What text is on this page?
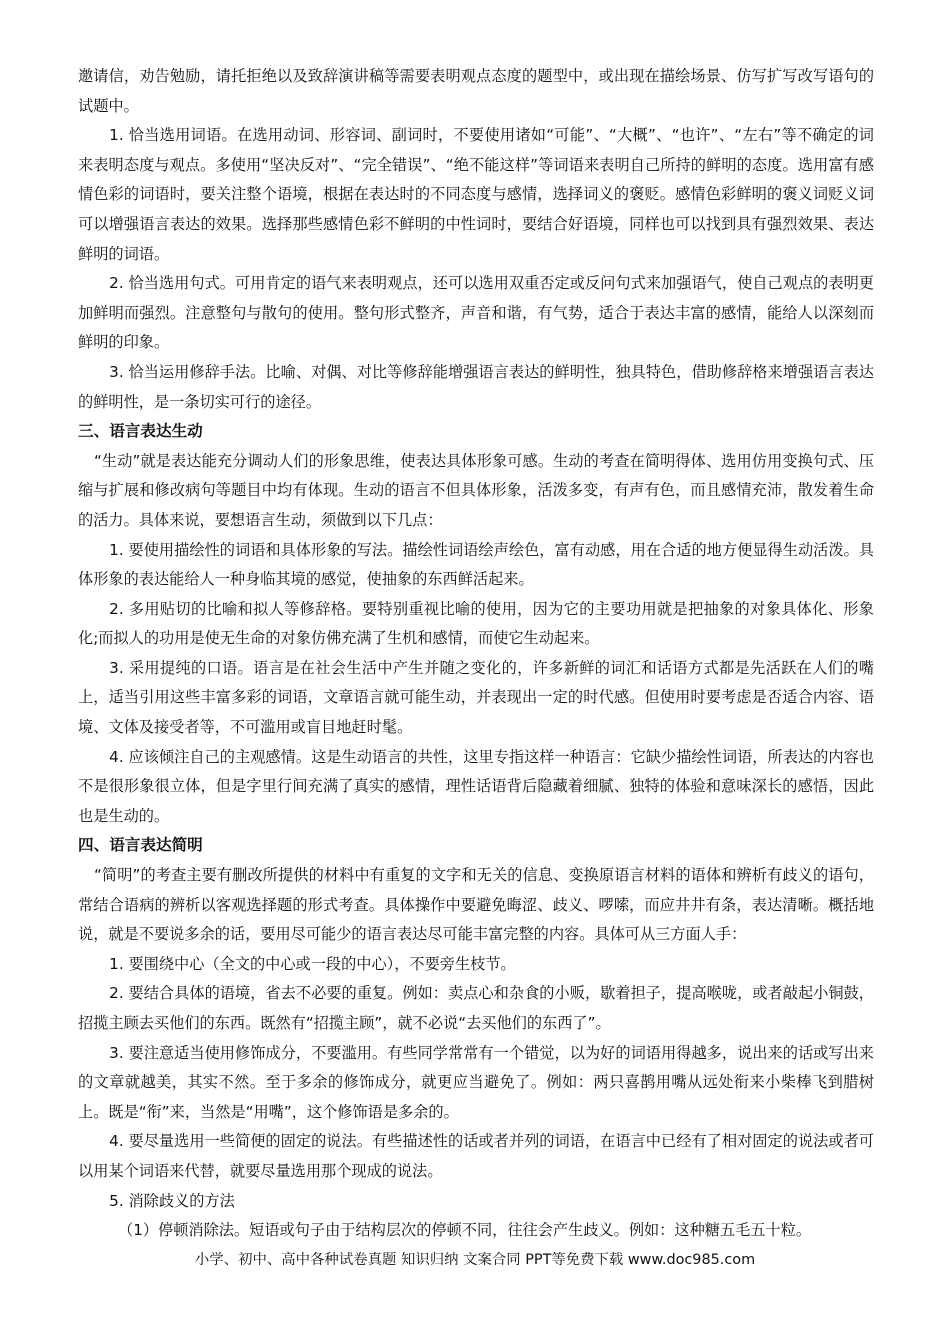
邀请信，劝告勉励，请托拒绝以及致辞演讲稿等需要表明观点态度的题型中，或出现在描绘场景、仿写扩写改写语句的试题中。

1. 恰当选用词语。在选用动词、形容词、副词时，不要使用诸如“可能”、“大概”、“也许”、“左右”等不确定的词来表明态度与观点。多使用“坚决反对”、“完全错误”、“绝不能这样”等词语来表明自己所持的鲜明的态度。选用富有感情色彩的词语时，要关注整个语境，根据在表达时的不同态度与感情，选择词义的褒贬。感情色彩鲜明的褒义词贬义词可以增强语言表达的效果。选择那些感情色彩不鲜明的中性词时，要结合好语境，同样也可以找到具有强烈效果、表达鲜明的词语。

2. 恰当选用句式。可用肯定的语气来表明观点，还可以选用双重否定或反问句式来加强语气，使自己观点的表明更加鲜明而强烈。注意整句与散句的使用。整句形式整齐，声音和谐，有气势，适合于表达丰富的感情，能给人以深刻而鲜明的印象。

3. 恰当运用修辞手法。比喻、对偶、对比等修辞能增强语言表达的鲜明性，独具特色，借助修辞格来增强语言表达的鲜明性，是一条切实可行的途径。

三、语言表达生动

“生动”就是表达能充分调动人们的形象思维，使表达具体形象可感。生动的考查在简明得体、选用仿用变换句式、压缩与扩展和修改病句等题目中均有体现。生动的语言不但具体形象，活泼多变，有声有色，而且感情充沛，散发着生命的活力。具体来说，要想语言生动，须做到以下几点：

1. 要使用描绘性的词语和具体形象的写法。描绘性词语绘声绘色，富有动感，用在合适的地方便显得生动活泼。具体形象的表达能给人一种身临其境的感觉，使抽象的东西鲜活起来。

2. 多用贴切的比喻和拟人等修辞格。要特别重视比喻的使用，因为它的主要功用就是把抽象的对象具体化、形象化;而拟人的功用是使无生命的对象仿佛充满了生机和感情，而使它生动起来。

3. 采用提纯的口语。语言是在社会生活中产生并随之变化的，许多新鲜的词汇和话语方式都是先活跃在人们的嘴上，适当引用这些丰富多彩的词语，文章语言就可能生动，并表现出一定的时代感。但使用时要考虑是否适合内容、语境、文体及接受者等，不可滥用或盲目地赶时髦。

4. 应该倾注自己的主观感情。这是生动语言的共性，这里专指这样一种语言：它缺少描绘性词语，所表达的内容也不是很形象很立体，但是字里行间充满了真实的感情，理性话语背后隐藏着细腻、独特的体验和意味深长的感悟，因此也是生动的。

四、语言表达简明

“简明”的考查主要有删改所提供的材料中有重复的文字和无关的信息、变换原语言材料的语体和辨析有歧义的语句，常结合语病的辨析以客观选择题的形式考查。具体操作中要避免晦涩、歧义、啰嗦，而应井井有条，表达清晰。概括地说，就是不要说多余的话，要用尽可能少的语言表达尽可能丰富完整的内容。具体可从三方面人手：

1. 要围绕中心（全文的中心或一段的中心），不要旁生枝节。

2. 要结合具体的语境，省去不必要的重复。例如：卖点心和杂食的小贩，歇着担子，提高喉咙，或者敲起小铜鼓，招揽主顾去买他们的东西。既然有“招揽主顾”，就不必说“去买他们的东西了”。

3. 要注意适当使用修饰成分，不要滥用。有些同学常常有一个错觉，以为好的词语用得越多，说出来的话或写出来的文章就越美，其实不然。至于多余的修饰成分，就更应当避免了。例如：两只喜鹊用嘴从远处衔来小柴棒飞到腊树上。既是“衔”来，当然是“用嘴”，这个修饰语是多余的。

4. 要尽量选用一些简便的固定的说法。有些描述性的话或者并列的词语，在语言中已经有了相对固定的说法或者可以用某个词语来代替，就要尽量选用那个现成的说法。

5. 消除歧义的方法

（1）停顿消除法。短语或句子由于结构层次的停顿不同，往往会产生歧义。例如：这种糖五毛五十粒。

小学、初中、高中各种试卷真题 知识归纳 文案合同 PPT等免费下载 www.doc985.com
